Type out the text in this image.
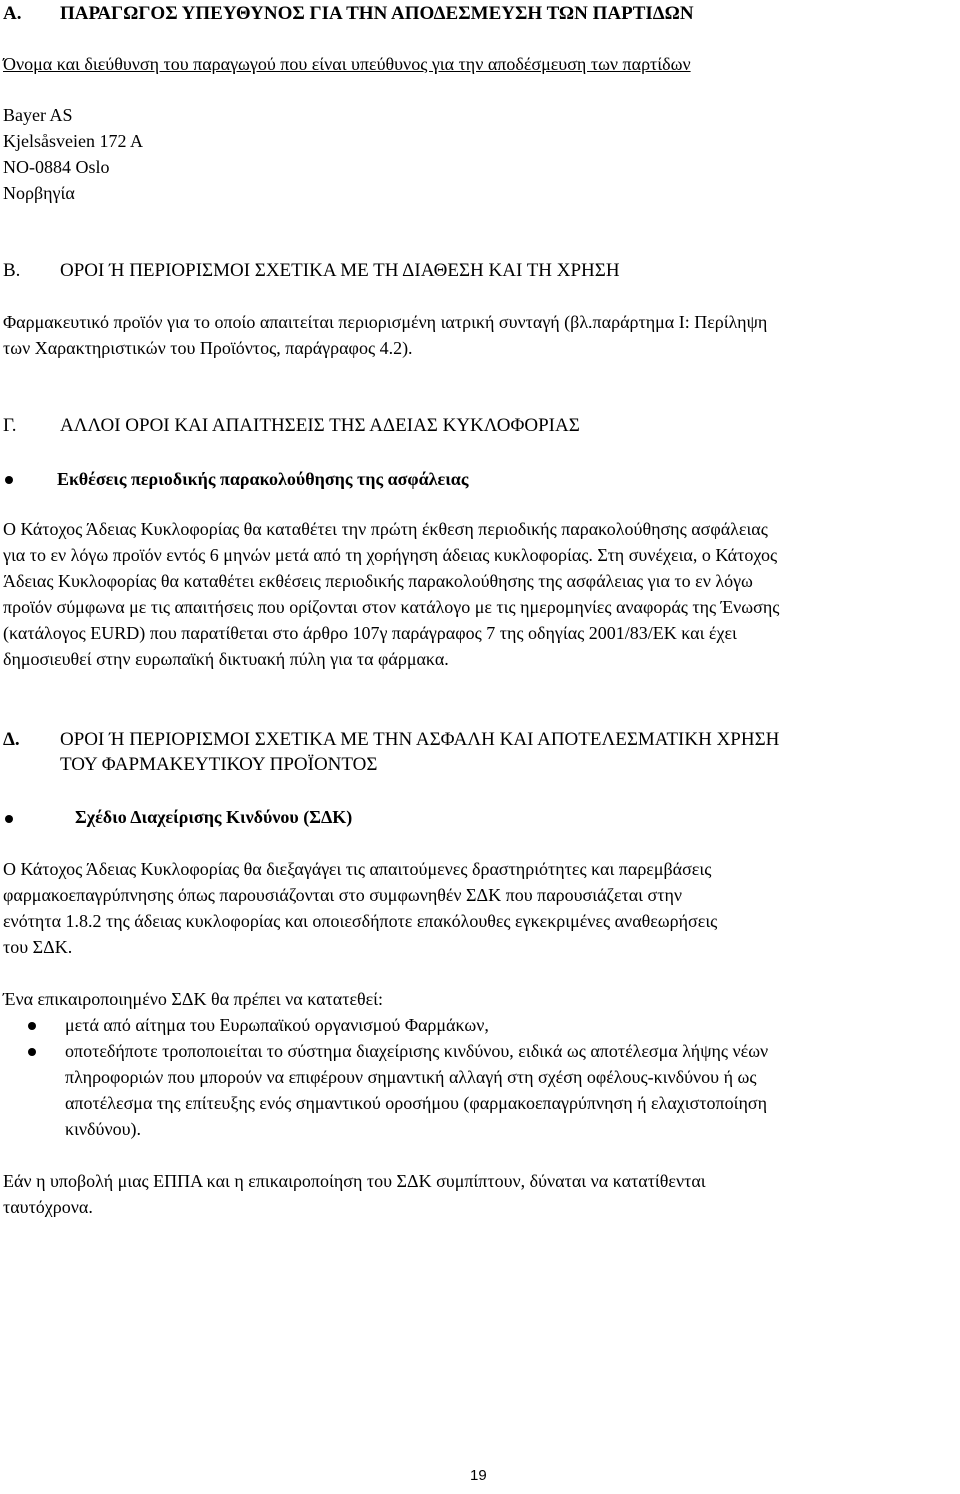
Α. ΠΑΡΑΓΩΓΟΣ ΥΠΕΥΘΥΝΟΣ ΓΙΑ ΤΗΝ ΑΠΟΔΕΣΜΕΥΣΗ ΤΩΝ ΠΑΡΤΙΔΩΝ
Όνομα και διεύθυνση του παραγωγού που είναι υπεύθυνος για την αποδέσμευση των παρτίδων
Bayer AS
Kjelsåsveien 172 A
NO-0884 Oslo
Νορβηγία
Β. ΟΡΟΙ Ή ΠΕΡΙΟΡΙΣΜΟΙ ΣΧΕΤΙΚΑ ΜΕ ΤΗ ΔΙΑΘΕΣΗ ΚΑΙ ΤΗ ΧΡΗΣΗ
Φαρμακευτικό προϊόν για το οποίο απαιτείται περιορισμένη ιατρική συνταγή (βλ.παράρτημα I: Περίληψη
των Χαρακτηριστικών του Προϊόντος, παράγραφος 4.2).
Γ. ΑΛΛΟΙ ΟΡΟΙ ΚΑΙ ΑΠΑΙΤΗΣΕΙΣ ΤΗΣ ΑΔΕΙΑΣ ΚΥΚΛΟΦΟΡΙΑΣ
Εκθέσεις περιοδικής παρακολούθησης της ασφάλειας
Ο Κάτοχος Άδειας Κυκλοφορίας θα καταθέτει την πρώτη έκθεση περιοδικής παρακολούθησης ασφάλειας
για το εν λόγω προϊόν εντός 6 μηνών μετά από τη χορήγηση άδειας κυκλοφορίας. Στη συνέχεια, ο Κάτοχος
Άδειας Κυκλοφορίας θα καταθέτει εκθέσεις περιοδικής παρακολούθησης της ασφάλειας για το εν λόγω
προϊόν σύμφωνα με τις απαιτήσεις που ορίζονται στον κατάλογο με τις ημερομηνίες αναφοράς της Ένωσης
(κατάλογος EURD) που παρατίθεται στο άρθρο 107γ παράγραφος 7 της οδηγίας 2001/83/ΕΚ και έχει
δημοσιευθεί στην ευρωπαϊκή δικτυακή πύλη για τα φάρμακα.
Δ. ΟΡΟΙ Ή ΠΕΡΙΟΡΙΣΜΟΙ ΣΧΕΤΙΚΑ ΜΕ ΤΗΝ ΑΣΦΑΛΗ ΚΑΙ ΑΠΟΤΕΛΕΣΜΑΤΙΚΗ ΧΡΗΣΗ
ΤΟΥ ΦΑΡΜΑΚΕΥΤΙΚΟΥ ΠΡΟΪΟΝΤΟΣ
Σχέδιο Διαχείρισης Κινδύνου (ΣΔΚ)
Ο Κάτοχος Άδειας Κυκλοφορίας θα διεξαγάγει τις απαιτούμενες δραστηριότητες και παρεμβάσεις
φαρμακοεπαγρύπνησης όπως παρουσιάζονται στο συμφωνηθέν ΣΔΚ που παρουσιάζεται στην
ενότητα 1.8.2 της άδειας κυκλοφορίας και οποιεσδήποτε επακόλουθες εγκεκριμένες αναθεωρήσεις
του ΣΔΚ.
Ένα επικαιροποιημένο ΣΔΚ θα πρέπει να κατατεθεί:
μετά από αίτημα του Ευρωπαϊκού οργανισμού Φαρμάκων,
οποτεδήποτε τροποποιείται το σύστημα διαχείρισης κινδύνου, ειδικά ως αποτέλεσμα λήψης νέων
πληροφοριών που μπορούν να επιφέρουν σημαντική αλλαγή στη σχέση οφέλους-κινδύνου ή ως
αποτέλεσμα της επίτευξης ενός σημαντικού οροσήμου (φαρμακοεπαγρύπνηση ή ελαχιστοποίηση
κινδύνου).
Εάν η υποβολή μιας ΕΠΠΑ και η επικαιροποίηση του ΣΔΚ συμπίπτουν, δύναται να κατατίθενται
ταυτόχρονα.
19
